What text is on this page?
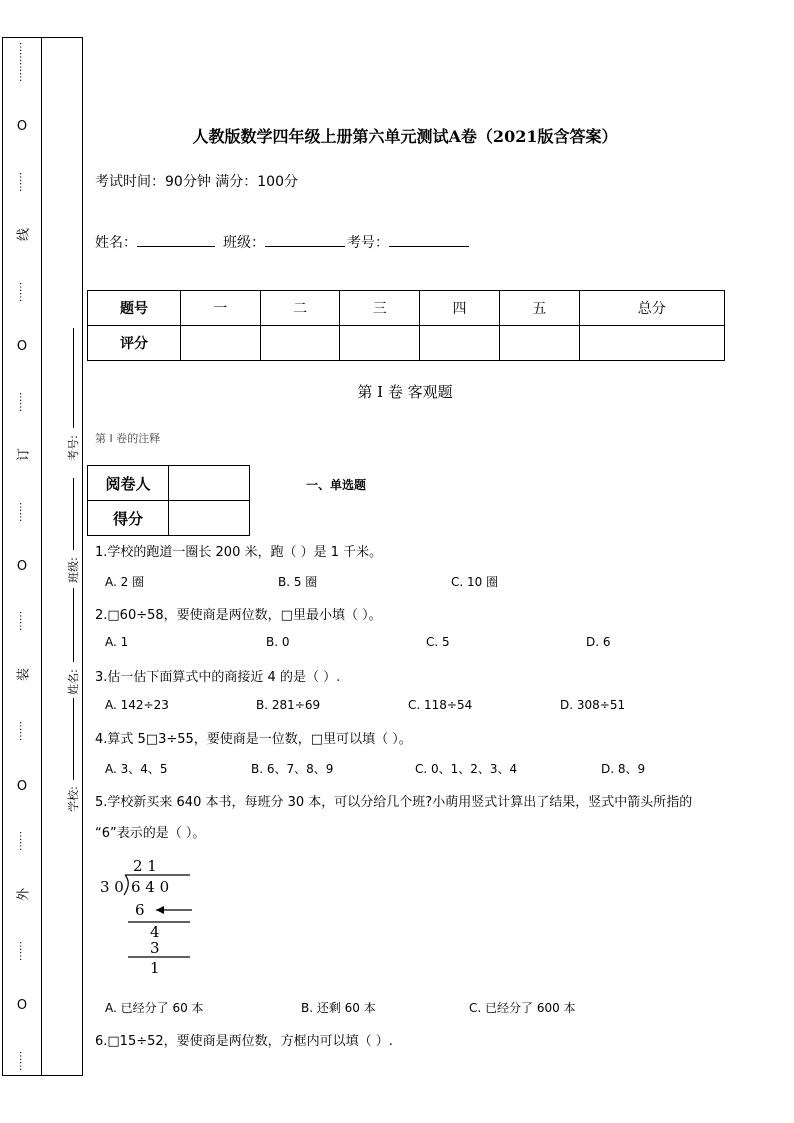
…………
O
……
线
……
O
……
订
……
O
……
装
……
O
……
外
……
O
……
考号:
班级:
姓名:
学校:
人教版数学四年级上册第六单元测试A卷（2021版含答案）
考试时间：90分钟 满分：100分
姓名：	班级：	考号：
题号	一	二	三	四	五	总分
评分						
第 I 卷 客观题
第 I 卷的注释
阅卷人	
得分	
一、单选题
1.学校的跑道一圈长 200 米，跑（ ）是 1 千米。
A. 2 圈	B. 5 圈	C. 10 圈
2.□60÷58，要使商是两位数，□里最小填（ ）。
A. 1	B. 0	C. 5	D. 6
3.估一估下面算式中的商接近 4 的是（ ）.
A. 142÷23	B. 281÷69	C. 118÷54	D. 308÷51
4.算式 5□3÷55，要使商是一位数，□里可以填（ ）。
A. 3、4、5	B. 6、7、8、9	C. 0、1、2、3、4	D. 8、9
5.学校新买来 640 本书，每班分 30 本，可以分给几个班?小萌用竖式计算出了结果，竖式中箭头所指的
“6”表示的是（ ）。
2 1
3 0 6 4 0
6
4
3
1
A. 已经分了 60 本	B. 还剩 60 本	C. 已经分了 600 本
6.□15÷52，要使商是两位数，方框内可以填（ ）.
